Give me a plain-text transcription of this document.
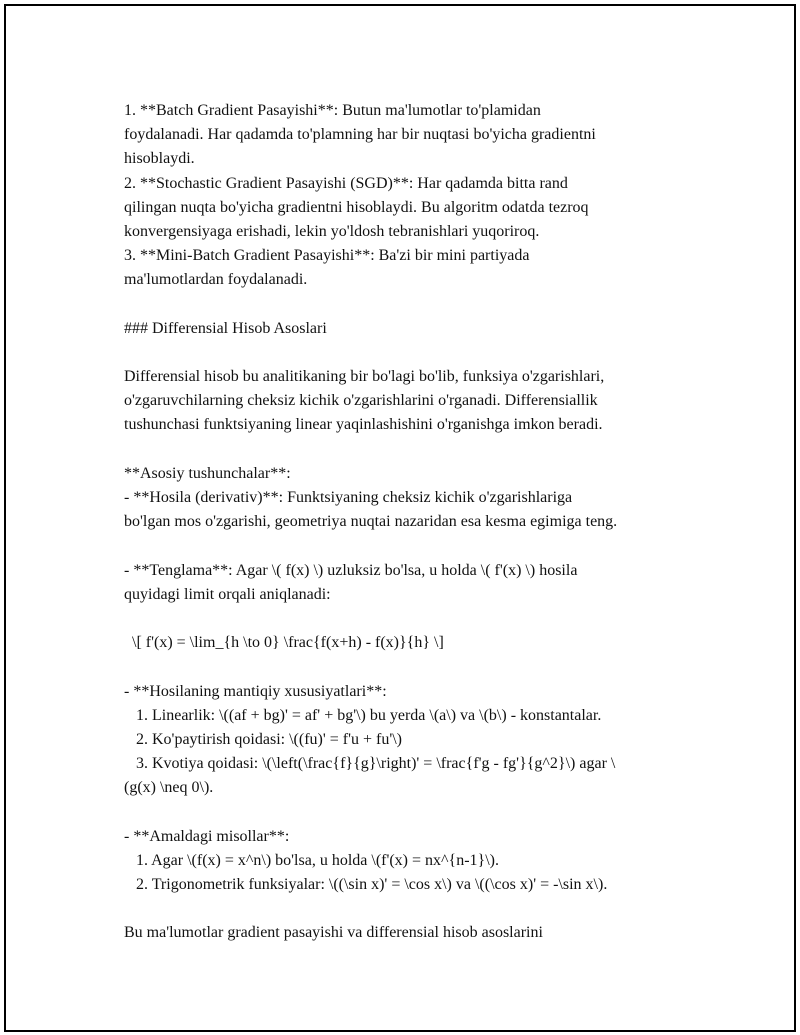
1. **Batch Gradient Pasayishi**: Butun ma'lumotlar to'plamidan
foydalanadi. Har qadamda to'plamning har bir nuqtasi bo'yicha gradientni
hisoblaydi.
2. **Stochastic Gradient Pasayishi (SGD)**: Har qadamda bitta rand
qilingan nuqta bo'yicha gradientni hisoblaydi. Bu algoritm odatda tezroq
konvergensiyaga erishadi, lekin yo'ldosh tebranishlari yuqoriroq.
3. **Mini-Batch Gradient Pasayishi**: Ba'zi bir mini partiyada
ma'lumotlardan foydalanadi.
### Differensial Hisob Asoslari
Differensial hisob bu analitikaning bir bo'lagi bo'lib, funksiya o'zgarishlari,
o'zgaruvchilarning cheksiz kichik o'zgarishlarini o'rganadi. Differensiallik
tushunchasi funktsiyaning linear yaqinlashishini o'rganishga imkon beradi.
**Asosiy tushunchalar**:
- **Hosila (derivativ)**: Funktsiyaning cheksiz kichik o'zgarishlariga
bo'lgan mos o'zgarishi, geometriya nuqtai nazaridan esa kesma egimiga teng.
- **Tenglama**: Agar \( f(x) \) uzluksiz bo'lsa, u holda \( f'(x) \) hosila
quyidagi limit orqali aniqlanadi:
\[ f'(x) = \lim_{h \to 0} \frac{f(x+h) - f(x)}{h} \]
- **Hosilaning mantiqiy xususiyatlari**:
1. Linearlik: \((af + bg)' = af' + bg'\) bu yerda \(a\) va \(b\) - konstantalar.
2. Ko'paytirish qoidasi: \((fu)' = f'u + fu'\)
3. Kvotiya qoidasi: \(\left(\frac{f}{g}\right)' = \frac{f'g - fg'}{g^2}\) agar \
(g(x) \neq 0\).
- **Amaldagi misollar**:
1. Agar \(f(x) = x^n\) bo'lsa, u holda \(f'(x) = nx^{n-1}\).
2. Trigonometrik funksiyalar: \((\sin x)' = \cos x\) va \((\cos x)' = -\sin x\).
Bu ma'lumotlar gradient pasayishi va differensial hisob asoslarini
